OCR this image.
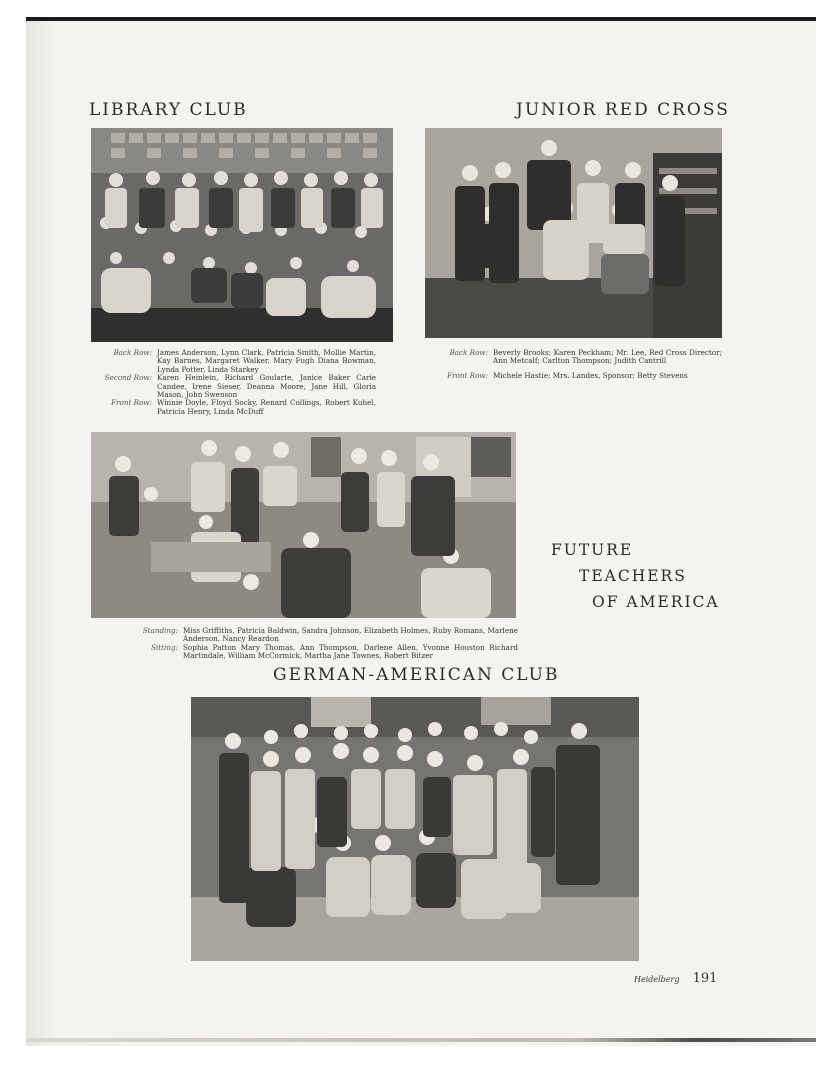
LIBRARY CLUB
Back Row: James Anderson, Lynn Clark, Patricia Smith, Mollie Martin, Kay Barnes, Margaret Walker, Mary Fugh Diana Bowman, Lynda Potter, Linda Starkey
Second Row: Karen Heinlein, Richard Goularte, Janice Baker Carie Candee, Irene Sieser, Deanna Moore, Jane Hill, Gloria Mason, John Swenson
Front Row: Winnie Doyle, Floyd Socky, Renard Collings, Robert Kuhel, Patricia Henry, Linda McDuff
JUNIOR RED CROSS
Back Row: Beverly Brooks; Karen Peckham; Mr. Lee, Red Cross Director; Ann Metcalf; Carlton Thompson; Judith Cantrill
Front Row: Michele Hastie; Mrs. Landes, Sponsor; Betty Stevens
Standing: Miss Griffiths, Patricia Baldwin, Sandra Johnson, Elizabeth Holmes, Ruby Romans, Marlene Anderson, Nancy Reardon
Sitting: Sophia Patton Mary Thomas, Ann Thompson, Darlene Allen, Yvonne Houston Richard Martindale, William McCormick, Martha Jane Townes, Robert Bitzer
FUTURE
TEACHERS
OF AMERICA
GERMAN-AMERICAN CLUB
Heidelberg 191
